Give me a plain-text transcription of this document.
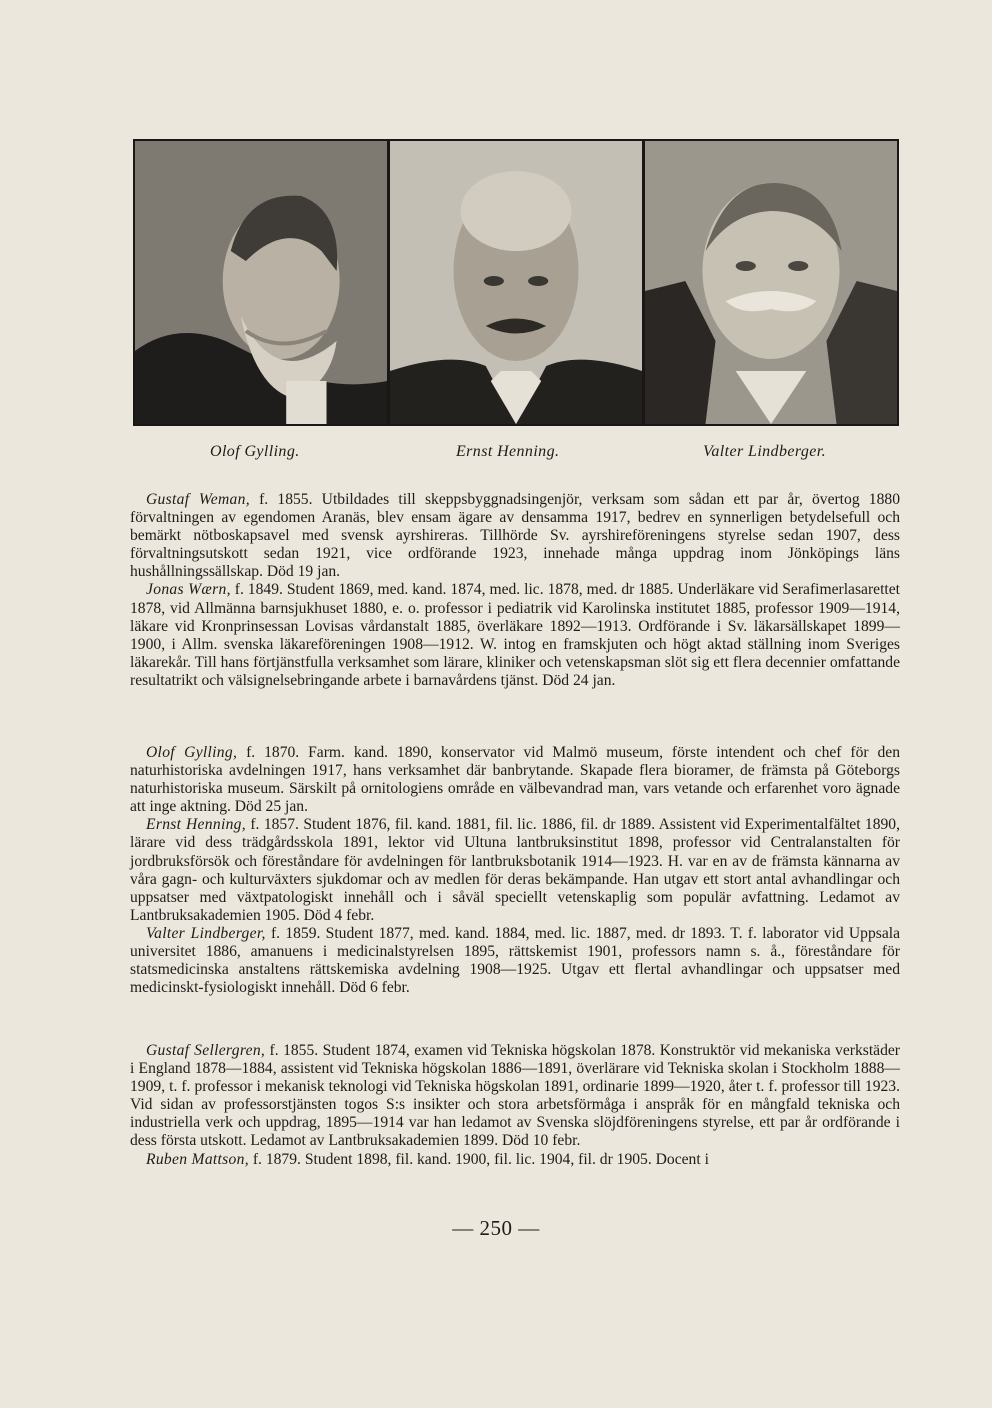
Olof Gylling.	Ernst Henning.	Valter Lindberger.

Gustaf Weman, f. 1855. Utbildades till skeppsbyggnadsingenjör, verksam som sådan ett par år, övertog 1880 förvaltningen av egendomen Aranäs, blev ensam ägare av densamma 1917, bedrev en synnerligen betydelsefull och bemärkt nötboskapsavel med svensk ayrshireras. Tillhörde Sv. ayrshireföreningens styrelse sedan 1907, dess förvaltningsutskott sedan 1921, vice ordförande 1923, innehade många uppdrag inom Jönköpings läns hushållningssällskap. Död 19 jan.

Jonas Wærn, f. 1849. Student 1869, med. kand. 1874, med. lic. 1878, med. dr 1885. Underläkare vid Serafimerlasarettet 1878, vid Allmänna barnsjukhuset 1880, e. o. professor i pediatrik vid Karolinska institutet 1885, professor 1909—1914, läkare vid Kronprinsessan Lovisas vårdanstalt 1885, överläkare 1892—1913. Ordförande i Sv. läkarsällskapet 1899—1900, i Allm. svenska läkareföreningen 1908—1912. W. intog en framskjuten och högt aktad ställning inom Sveriges läkarekår. Till hans förtjänstfulla verksamhet som lärare, kliniker och vetenskapsman slöt sig ett flera decennier omfattande resultatrikt och välsignelsebringande arbete i barnavårdens tjänst. Död 24 jan.

Olof Gylling, f. 1870. Farm. kand. 1890, konservator vid Malmö museum, förste intendent och chef för den naturhistoriska avdelningen 1917, hans verksamhet där banbrytande. Skapade flera bioramer, de främsta på Göteborgs naturhistoriska museum. Särskilt på ornitologiens område en välbevandrad man, vars vetande och erfarenhet voro ägnade att inge aktning. Död 25 jan.

Ernst Henning, f. 1857. Student 1876, fil. kand. 1881, fil. lic. 1886, fil. dr 1889. Assistent vid Experimentalfältet 1890, lärare vid dess trädgårdsskola 1891, lektor vid Ultuna lantbruksinstitut 1898, professor vid Centralanstalten för jordbruksförsök och föreståndare för avdelningen för lantbruksbotanik 1914—1923. H. var en av de främsta kännarna av våra gagn- och kulturväxters sjukdomar och av medlen för deras bekämpande. Han utgav ett stort antal avhandlingar och uppsatser med växtpatologiskt innehåll och i såväl speciellt vetenskaplig som populär avfattning. Ledamot av Lantbruksakademien 1905. Död 4 febr.

Valter Lindberger, f. 1859. Student 1877, med. kand. 1884, med. lic. 1887, med. dr 1893. T. f. laborator vid Uppsala universitet 1886, amanuens i medicinalstyrelsen 1895, rättskemist 1901, professors namn s. å., föreståndare för statsmedicinska anstaltens rättskemiska avdelning 1908—1925. Utgav ett flertal avhandlingar och uppsatser med medicinskt-fysiologiskt innehåll. Död 6 febr.

Gustaf Sellergren, f. 1855. Student 1874, examen vid Tekniska högskolan 1878. Konstruktör vid mekaniska verkstäder i England 1878—1884, assistent vid Tekniska högskolan 1886—1891, överlärare vid Tekniska skolan i Stockholm 1888—1909, t. f. professor i mekanisk teknologi vid Tekniska högskolan 1891, ordinarie 1899—1920, åter t. f. professor till 1923. Vid sidan av professorstjänsten togos S:s insikter och stora arbetsförmåga i anspråk för en mångfald tekniska och industriella verk och uppdrag, 1895—1914 var han ledamot av Svenska slöjdföreningens styrelse, ett par år ordförande i dess första utskott. Ledamot av Lantbruksakademien 1899. Död 10 febr.

Ruben Mattson, f. 1879. Student 1898, fil. kand. 1900, fil. lic. 1904, fil. dr 1905. Docent i

— 250 —
